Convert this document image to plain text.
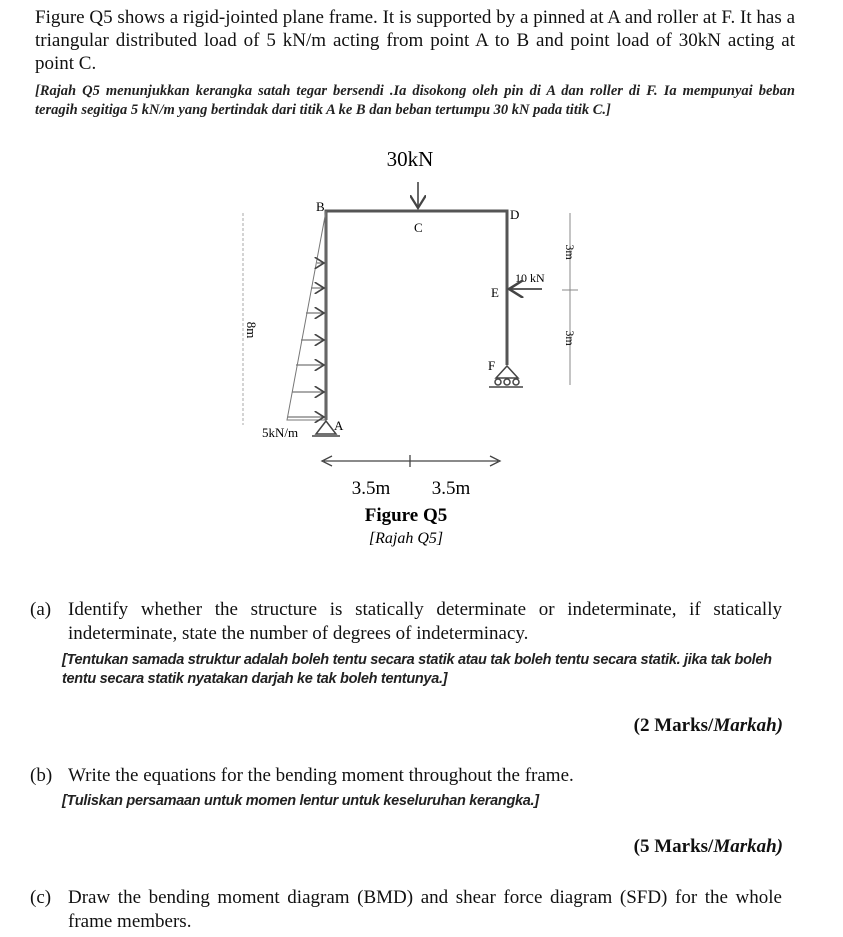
Figure Q5 shows a rigid-jointed plane frame. It is supported by a pinned at A and roller at F. It has a triangular distributed load of 5 kN/m acting from point A to B and point load of 30kN acting at point C.
[Rajah Q5 menunjukkan kerangka satah tegar bersendi .Ia disokong oleh pin di A dan roller di F. Ia mempunyai beban teragih segitiga 5 kN/m yang bertindak dari titik A ke B dan beban tertumpu 30 kN pada titik C.]
30kN
B
C
D
E
F
A
10 kN
5kN/m
8m
3m
3m
3.5m 3.5m
Figure Q5
[Rajah Q5]
(a) Identify whether the structure is statically determinate or indeterminate, if statically indeterminate, state the number of degrees of indeterminacy.
[Tentukan samada struktur adalah boleh tentu secara statik atau tak boleh tentu secara statik. jika tak boleh tentu secara statik nyatakan darjah ke tak boleh tentunya.]
(2 Marks/Markah)
(b) Write the equations for the bending moment throughout the frame.
[Tuliskan persamaan untuk momen lentur untuk keseluruhan kerangka.]
(5 Marks/Markah)
(c) Draw the bending moment diagram (BMD) and shear force diagram (SFD) for the whole frame members.
